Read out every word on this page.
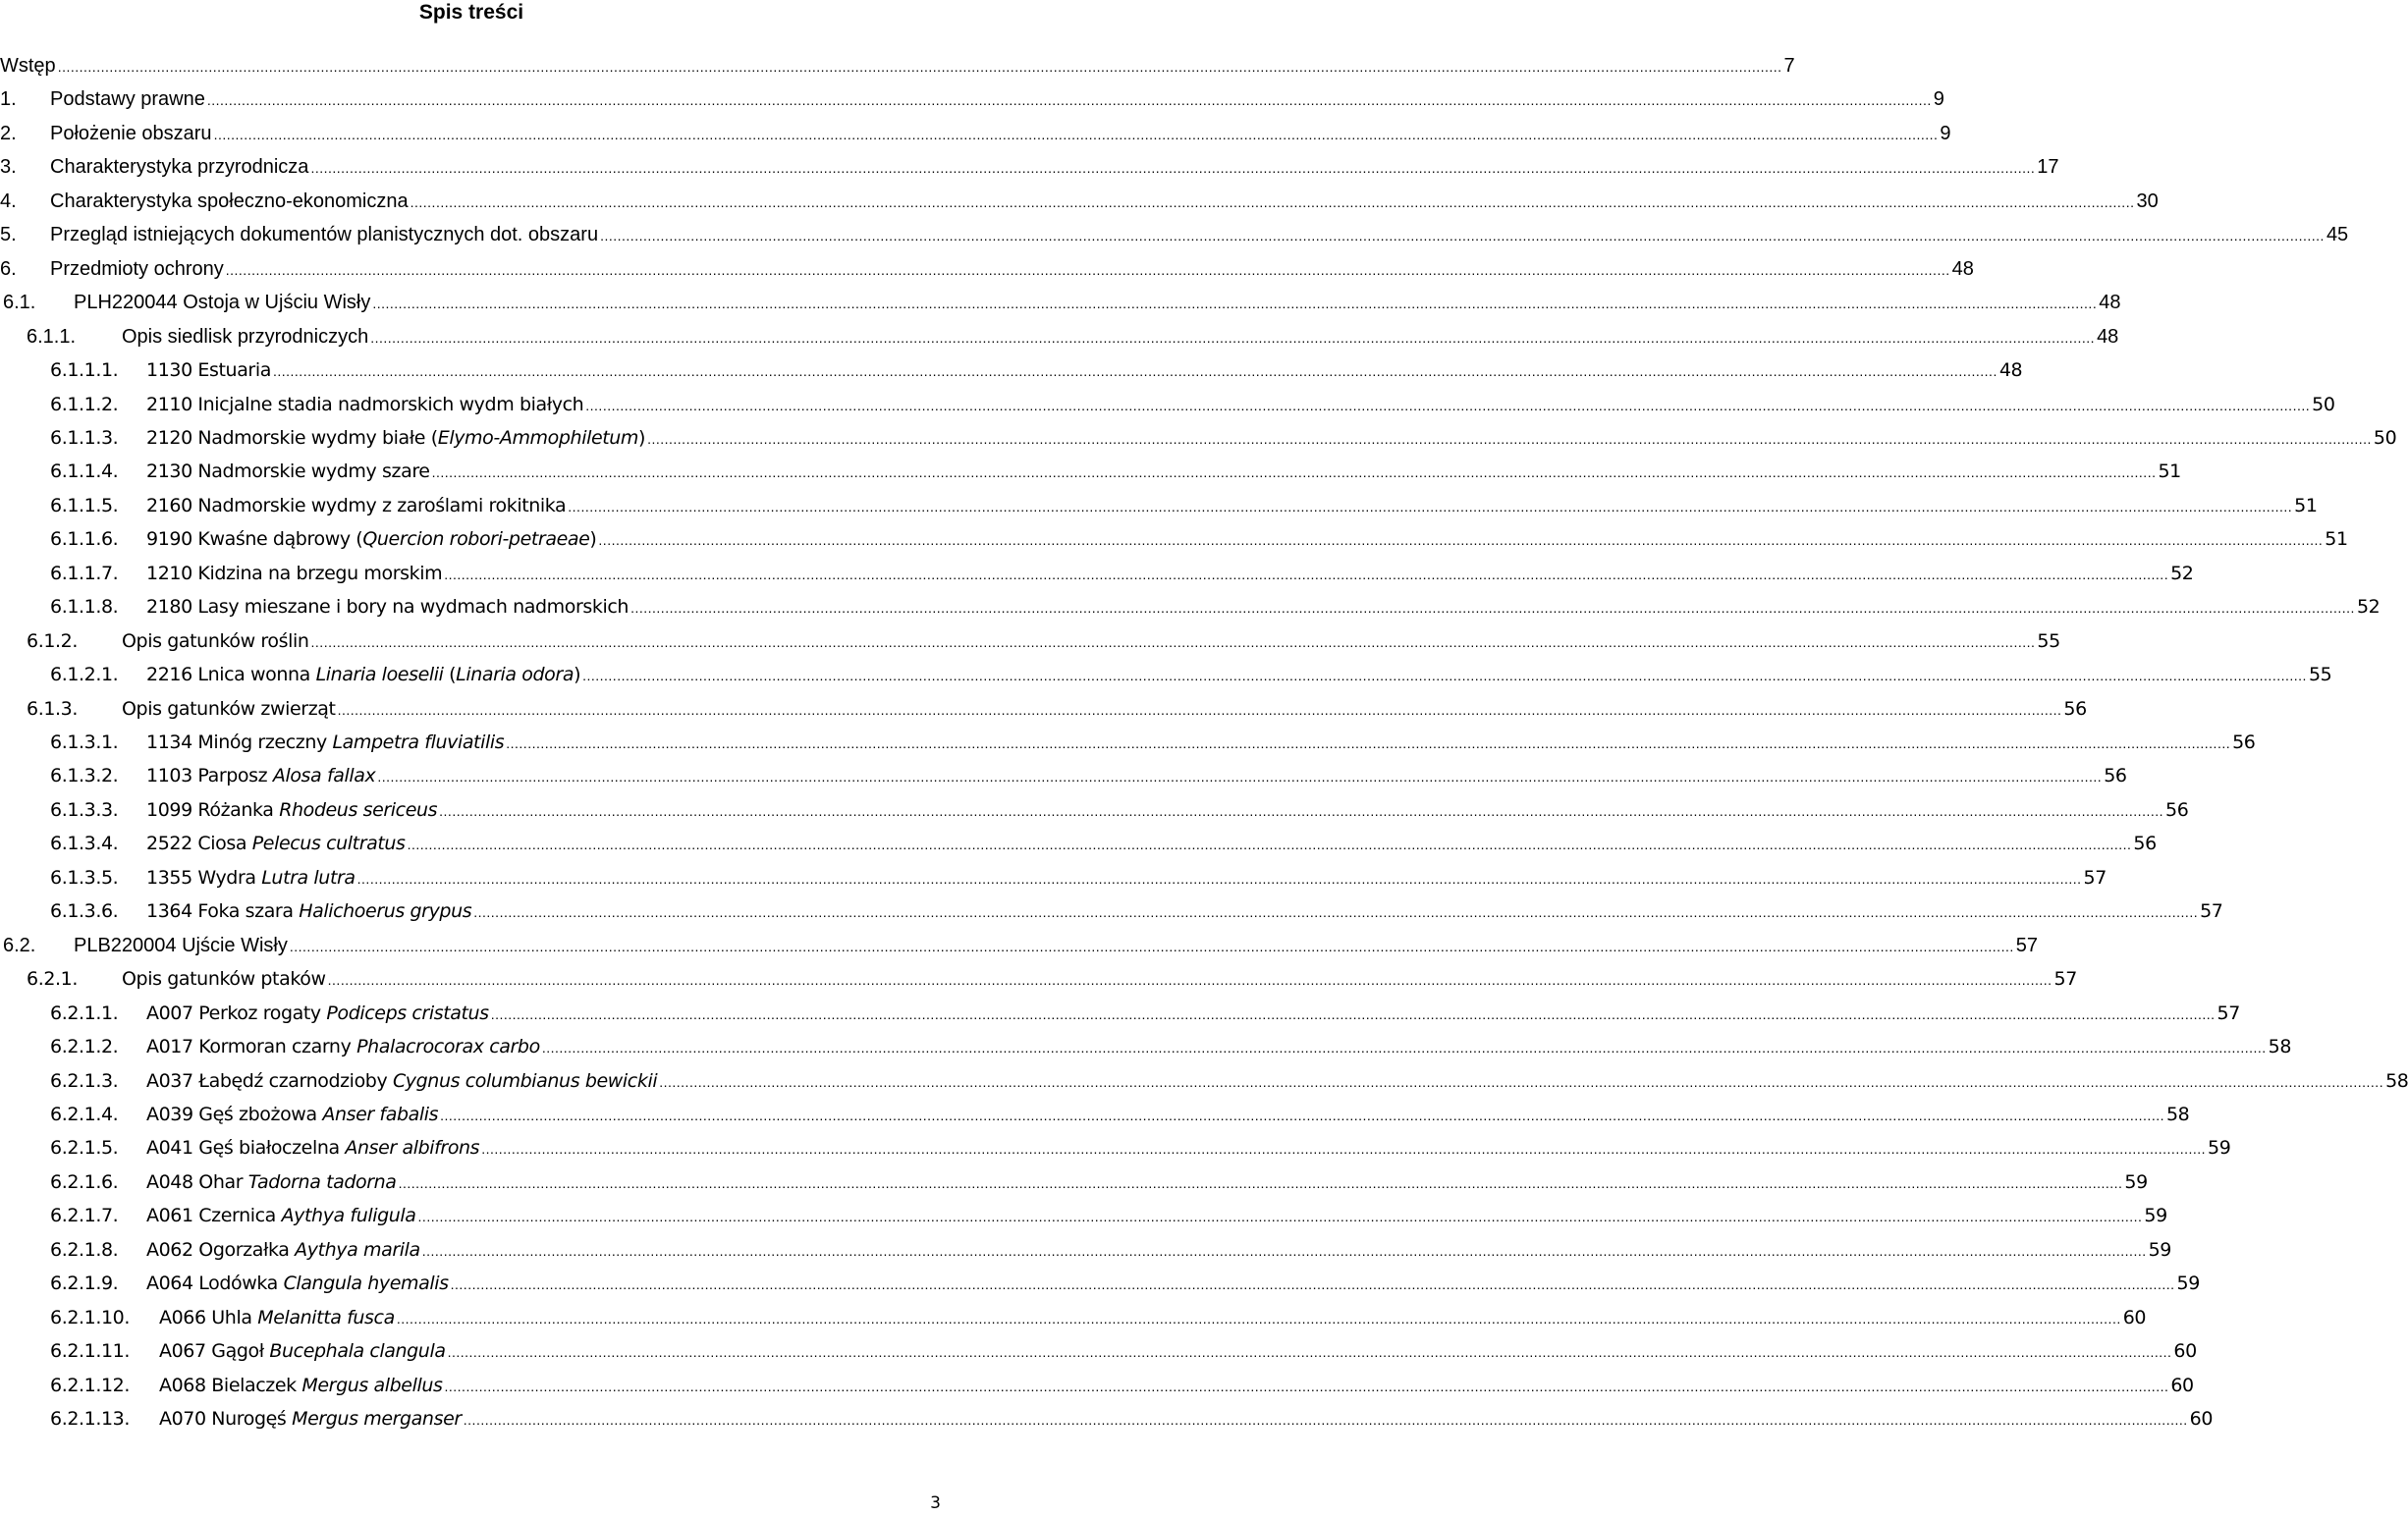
Spis treści
Wstęp ................................................................................................................................................................................................................................................................................................................................................................................................................ 7
1.	Podstawy prawne ................................................................................................................................................................................................................................................................................................................................................................................................................ 9
2.	Położenie obszaru ................................................................................................................................................................................................................................................................................................................................................................................................................ 9
3.	Charakterystyka przyrodnicza ................................................................................................................................................................................................................................................................................................................................................................................................................ 17
4.	Charakterystyka społeczno-ekonomiczna ................................................................................................................................................................................................................................................................................................................................................................................................................ 30
5.	Przegląd istniejących dokumentów planistycznych dot. obszaru ................................................................................................................................................................................................................................................................................................................................................................................................................ 45
6.	Przedmioty ochrony ................................................................................................................................................................................................................................................................................................................................................................................................................ 48
6.1.	PLH220044 Ostoja w Ujściu Wisły ................................................................................................................................................................................................................................................................................................................................................................................................................ 48
6.1.1.	Opis siedlisk przyrodniczych ................................................................................................................................................................................................................................................................................................................................................................................................................ 48
6.1.1.1.	1130 Estuaria ................................................................................................................................................................................................................................................................................................................................................................................................................ 48
6.1.1.2.	2110 Inicjalne stadia nadmorskich wydm białych ................................................................................................................................................................................................................................................................................................................................................................................................................ 50
6.1.1.3.	2120 Nadmorskie wydmy białe (Elymo-Ammophiletum) ................................................................................................................................................................................................................................................................................................................................................................................................................ 50
6.1.1.4.	2130 Nadmorskie wydmy szare ................................................................................................................................................................................................................................................................................................................................................................................................................ 51
6.1.1.5.	2160 Nadmorskie wydmy z zaroślami rokitnika ................................................................................................................................................................................................................................................................................................................................................................................................................ 51
6.1.1.6.	9190 Kwaśne dąbrowy (Quercion robori-petraeae) ................................................................................................................................................................................................................................................................................................................................................................................................................ 51
6.1.1.7.	1210 Kidzina na brzegu morskim ................................................................................................................................................................................................................................................................................................................................................................................................................ 52
6.1.1.8.	2180 Lasy mieszane i bory na wydmach nadmorskich ................................................................................................................................................................................................................................................................................................................................................................................................................ 52
6.1.2.	Opis gatunków roślin ................................................................................................................................................................................................................................................................................................................................................................................................................ 55
6.1.2.1.	2216 Lnica wonna Linaria loeselii (Linaria odora) ................................................................................................................................................................................................................................................................................................................................................................................................................ 55
6.1.3.	Opis gatunków zwierząt ................................................................................................................................................................................................................................................................................................................................................................................................................ 56
6.1.3.1.	1134 Minóg rzeczny Lampetra fluviatilis ................................................................................................................................................................................................................................................................................................................................................................................................................ 56
6.1.3.2.	1103 Parposz Alosa fallax ................................................................................................................................................................................................................................................................................................................................................................................................................ 56
6.1.3.3.	1099 Różanka Rhodeus sericeus ................................................................................................................................................................................................................................................................................................................................................................................................................ 56
6.1.3.4.	2522 Ciosa Pelecus cultratus ................................................................................................................................................................................................................................................................................................................................................................................................................ 56
6.1.3.5.	1355 Wydra Lutra lutra ................................................................................................................................................................................................................................................................................................................................................................................................................ 57
6.1.3.6.	1364 Foka szara Halichoerus grypus ................................................................................................................................................................................................................................................................................................................................................................................................................ 57
6.2.	PLB220004 Ujście Wisły ................................................................................................................................................................................................................................................................................................................................................................................................................ 57
6.2.1.	Opis gatunków ptaków ................................................................................................................................................................................................................................................................................................................................................................................................................ 57
6.2.1.1.	A007 Perkoz rogaty Podiceps cristatus ................................................................................................................................................................................................................................................................................................................................................................................................................ 57
6.2.1.2.	A017 Kormoran czarny Phalacrocorax carbo ................................................................................................................................................................................................................................................................................................................................................................................................................ 58
6.2.1.3.	A037 Łabędź czarnodzioby Cygnus columbianus bewickii ................................................................................................................................................................................................................................................................................................................................................................................................................ 58
6.2.1.4.	A039 Gęś zbożowa Anser fabalis ................................................................................................................................................................................................................................................................................................................................................................................................................ 58
6.2.1.5.	A041 Gęś białoczelna Anser albifrons ................................................................................................................................................................................................................................................................................................................................................................................................................ 59
6.2.1.6.	A048 Ohar Tadorna tadorna ................................................................................................................................................................................................................................................................................................................................................................................................................ 59
6.2.1.7.	A061 Czernica Aythya fuligula ................................................................................................................................................................................................................................................................................................................................................................................................................ 59
6.2.1.8.	A062 Ogorzałka Aythya marila ................................................................................................................................................................................................................................................................................................................................................................................................................ 59
6.2.1.9.	A064 Lodówka Clangula hyemalis ................................................................................................................................................................................................................................................................................................................................................................................................................ 59
6.2.1.10.	A066 Uhla Melanitta fusca ................................................................................................................................................................................................................................................................................................................................................................................................................ 60
6.2.1.11.	A067 Gągoł Bucephala clangula ................................................................................................................................................................................................................................................................................................................................................................................................................ 60
6.2.1.12.	A068 Bielaczek Mergus albellus ................................................................................................................................................................................................................................................................................................................................................................................................................ 60
6.2.1.13.	A070 Nurogęś Mergus merganser ................................................................................................................................................................................................................................................................................................................................................................................................................ 60
3
